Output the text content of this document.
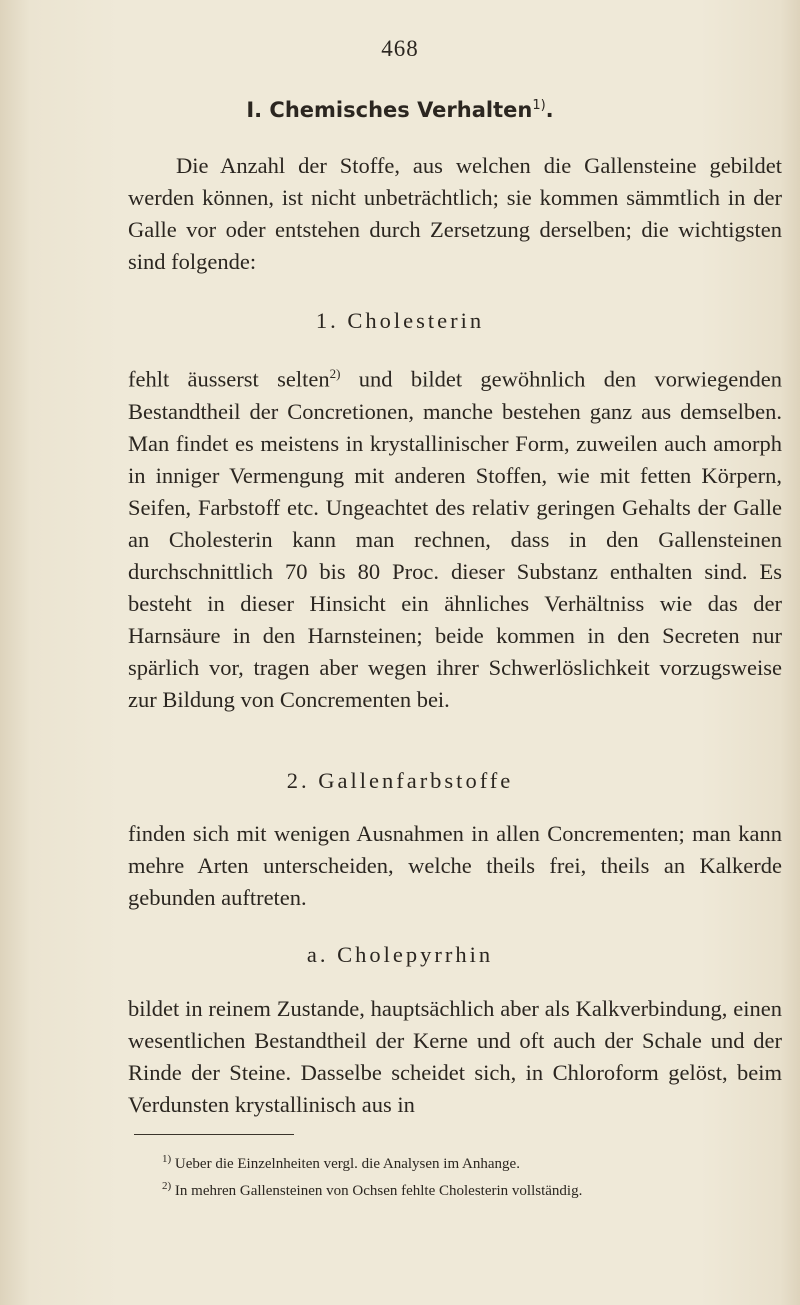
468
I. Chemisches Verhalten$^{1)}$.

Die Anzahl der Stoffe, aus welchen die Gallensteine gebildet werden können, ist nicht unbeträchtlich; sie kommen sämmtlich in der Galle vor oder entstehen durch Zersetzung derselben; die wichtigsten sind folgende:

1. Cholesterin

fehlt äusserst selten$^{2)}$ und bildet gewöhnlich den vorwiegenden Bestandtheil der Concretionen, manche bestehen ganz aus demselben. Man findet es meistens in krystallinischer Form, zuweilen auch amorph in inniger Vermengung mit anderen Stoffen, wie mit fetten Körpern, Seifen, Farbstoff etc. Ungeachtet des relativ geringen Gehalts der Galle an Cholesterin kann man rechnen, dass in den Gallensteinen durchschnittlich 70 bis 80 Proc. dieser Substanz enthalten sind. Es besteht in dieser Hinsicht ein ähnliches Verhältniss wie das der Harnsäure in den Harnsteinen; beide kommen in den Secreten nur spärlich vor, tragen aber wegen ihrer Schwerlöslichkeit vorzugsweise zur Bildung von Concrementen bei.

2. Gallenfarbstoffe

finden sich mit wenigen Ausnahmen in allen Concrementen; man kann mehre Arten unterscheiden, welche theils frei, theils an Kalkerde gebunden auftreten.

a. Cholepyrrhin

bildet in reinem Zustande, hauptsächlich aber als Kalkverbindung, einen wesentlichen Bestandtheil der Kerne und oft auch der Schale und der Rinde der Steine. Dasselbe scheidet sich, in Chloroform gelöst, beim Verdunsten krystallinisch aus in

$^{1)}$ Ueber die Einzelnheiten vergl. die Analysen im Anhange.
$^{2)}$ In mehren Gallensteinen von Ochsen fehlte Cholesterin vollständig.
